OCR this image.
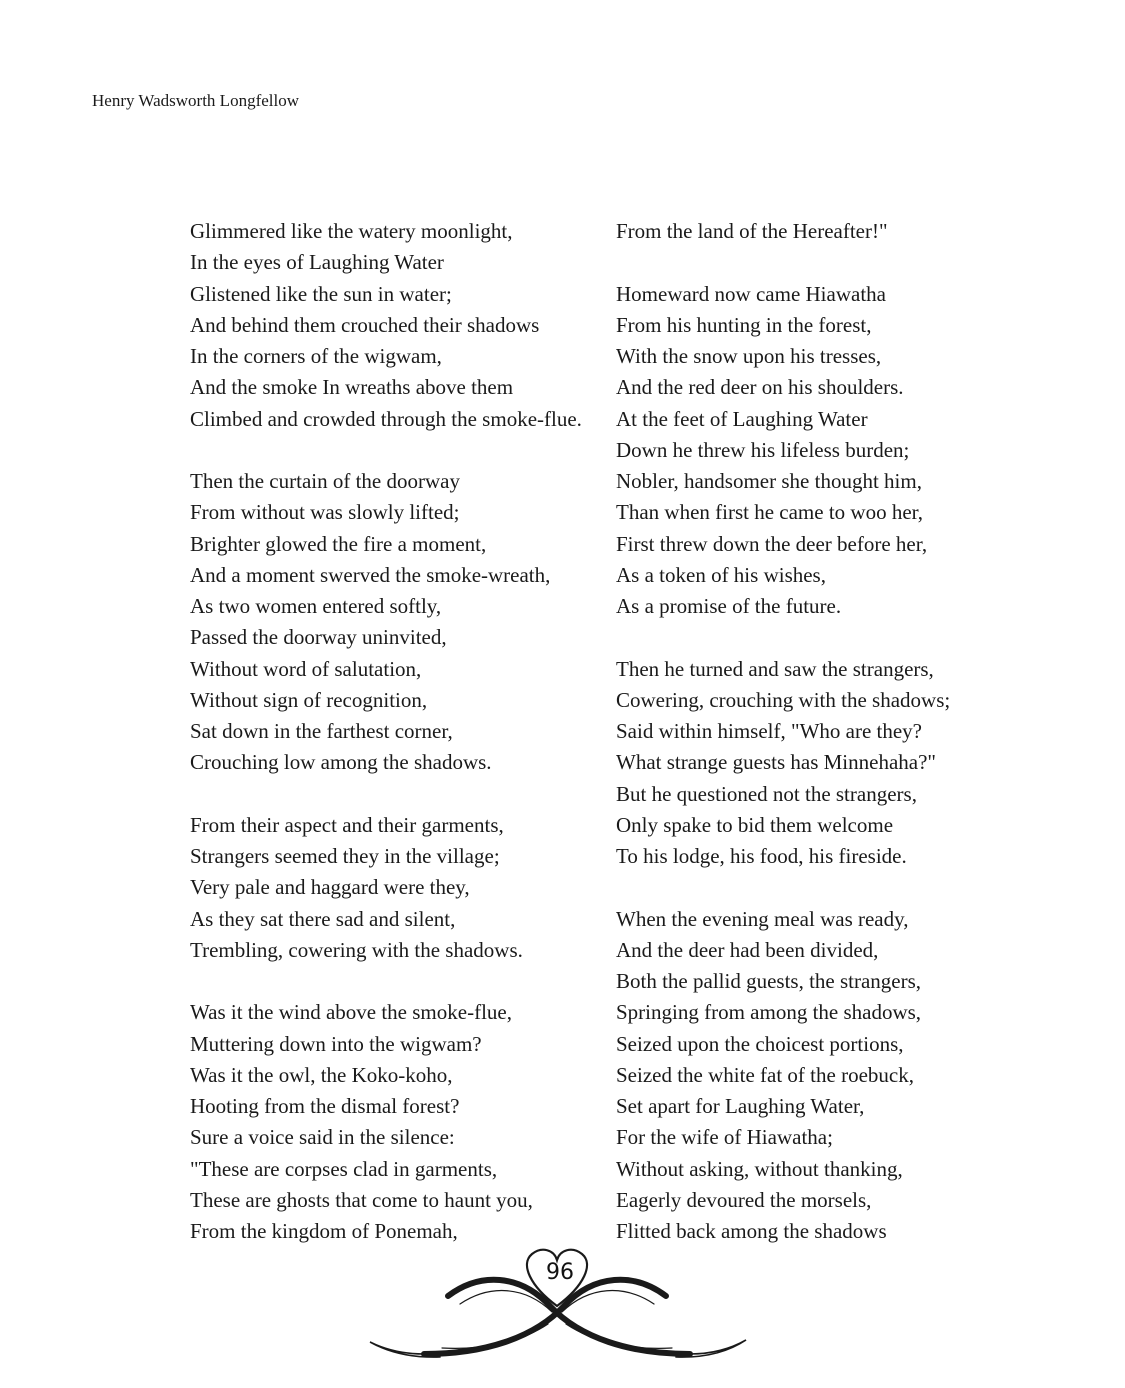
Henry Wadsworth Longfellow
Glimmered like the watery moonlight,
In the eyes of Laughing Water
Glistened like the sun in water;
And behind them crouched their shadows
In the corners of the wigwam,
And the smoke In wreaths above them
Climbed and crowded through the smoke-flue.
Then the curtain of the doorway
From without was slowly lifted;
Brighter glowed the fire a moment,
And a moment swerved the smoke-wreath,
As two women entered softly,
Passed the doorway uninvited,
Without word of salutation,
Without sign of recognition,
Sat down in the farthest corner,
Crouching low among the shadows.
From their aspect and their garments,
Strangers seemed they in the village;
Very pale and haggard were they,
As they sat there sad and silent,
Trembling, cowering with the shadows.
Was it the wind above the smoke-flue,
Muttering down into the wigwam?
Was it the owl, the Koko-koho,
Hooting from the dismal forest?
Sure a voice said in the silence:
"These are corpses clad in garments,
These are ghosts that come to haunt you,
From the kingdom of Ponemah,
From the land of the Hereafter!"
Homeward now came Hiawatha
From his hunting in the forest,
With the snow upon his tresses,
And the red deer on his shoulders.
At the feet of Laughing Water
Down he threw his lifeless burden;
Nobler, handsomer she thought him,
Than when first he came to woo her,
First threw down the deer before her,
As a token of his wishes,
As a promise of the future.
Then he turned and saw the strangers,
Cowering, crouching with the shadows;
Said within himself, "Who are they?
What strange guests has Minnehaha?"
But he questioned not the strangers,
Only spake to bid them welcome
To his lodge, his food, his fireside.
When the evening meal was ready,
And the deer had been divided,
Both the pallid guests, the strangers,
Springing from among the shadows,
Seized upon the choicest portions,
Seized the white fat of the roebuck,
Set apart for Laughing Water,
For the wife of Hiawatha;
Without asking, without thanking,
Eagerly devoured the morsels,
Flitted back among the shadows
96
